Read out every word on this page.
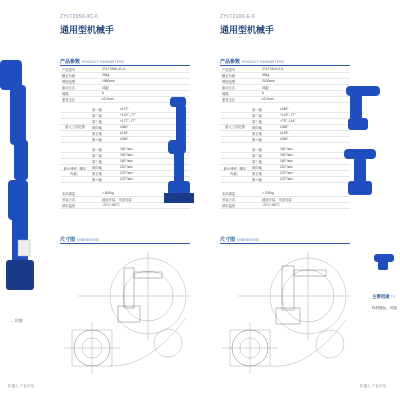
... 切割
机器人 产业应用
ZYLT2950-3C-6
通用型机械手
产品参数 PRODUCT PARAMETERS
产品型号	ZYLT2950-3C-6
额定负载	30kg
臂展范围	1960mm
驱动方式	伺服
轴数	6
重复定位	±0.1mm
最大工作范围
第一轴	±170°
第二轴	+140°,-77°
第三轴	+177°,-77°
第四轴	±360°
第五轴	±115°
第六轴	±360°
最大速度（额定负载）
第一轴	160°/sec
第二轴	160°/sec
第三轴	160°/sec
第四轴	222°/sec
第五轴	222°/sec
第六轴	222°/sec
本体重量	≈ 500kg
安装方式	地面安装、吊顶安装
使用温度	-20°C~60°C
尺寸图 DIMENSIONS
ZYLT2100-E-6
通用型机械手
产品参数 PRODUCT PARAMETERS
产品型号	ZYLT2100-E-6
额定负载	50kg
臂展范围	2100mm
驱动方式	伺服
轴数	6
重复定位	±0.1mm
最大工作范围
第一轴	±180°
第二轴	+140°,-77°
第三轴	+75°,-144°
第四轴	±360°
第五轴	±125°
第六轴	±360°
最大速度（额定负载）
第一轴	160°/sec
第二轴	160°/sec
第三轴	160°/sec
第四轴	222°/sec
第五轴	222°/sec
第六轴	222°/sec
本体重量	≈ 700kg
安装方式	地面安装、吊顶安装
使用温度	-20°C~60°C
尺寸图 DIMENSIONS
机器人 产业应用
主要用途 TY
物料搬运、焊接
